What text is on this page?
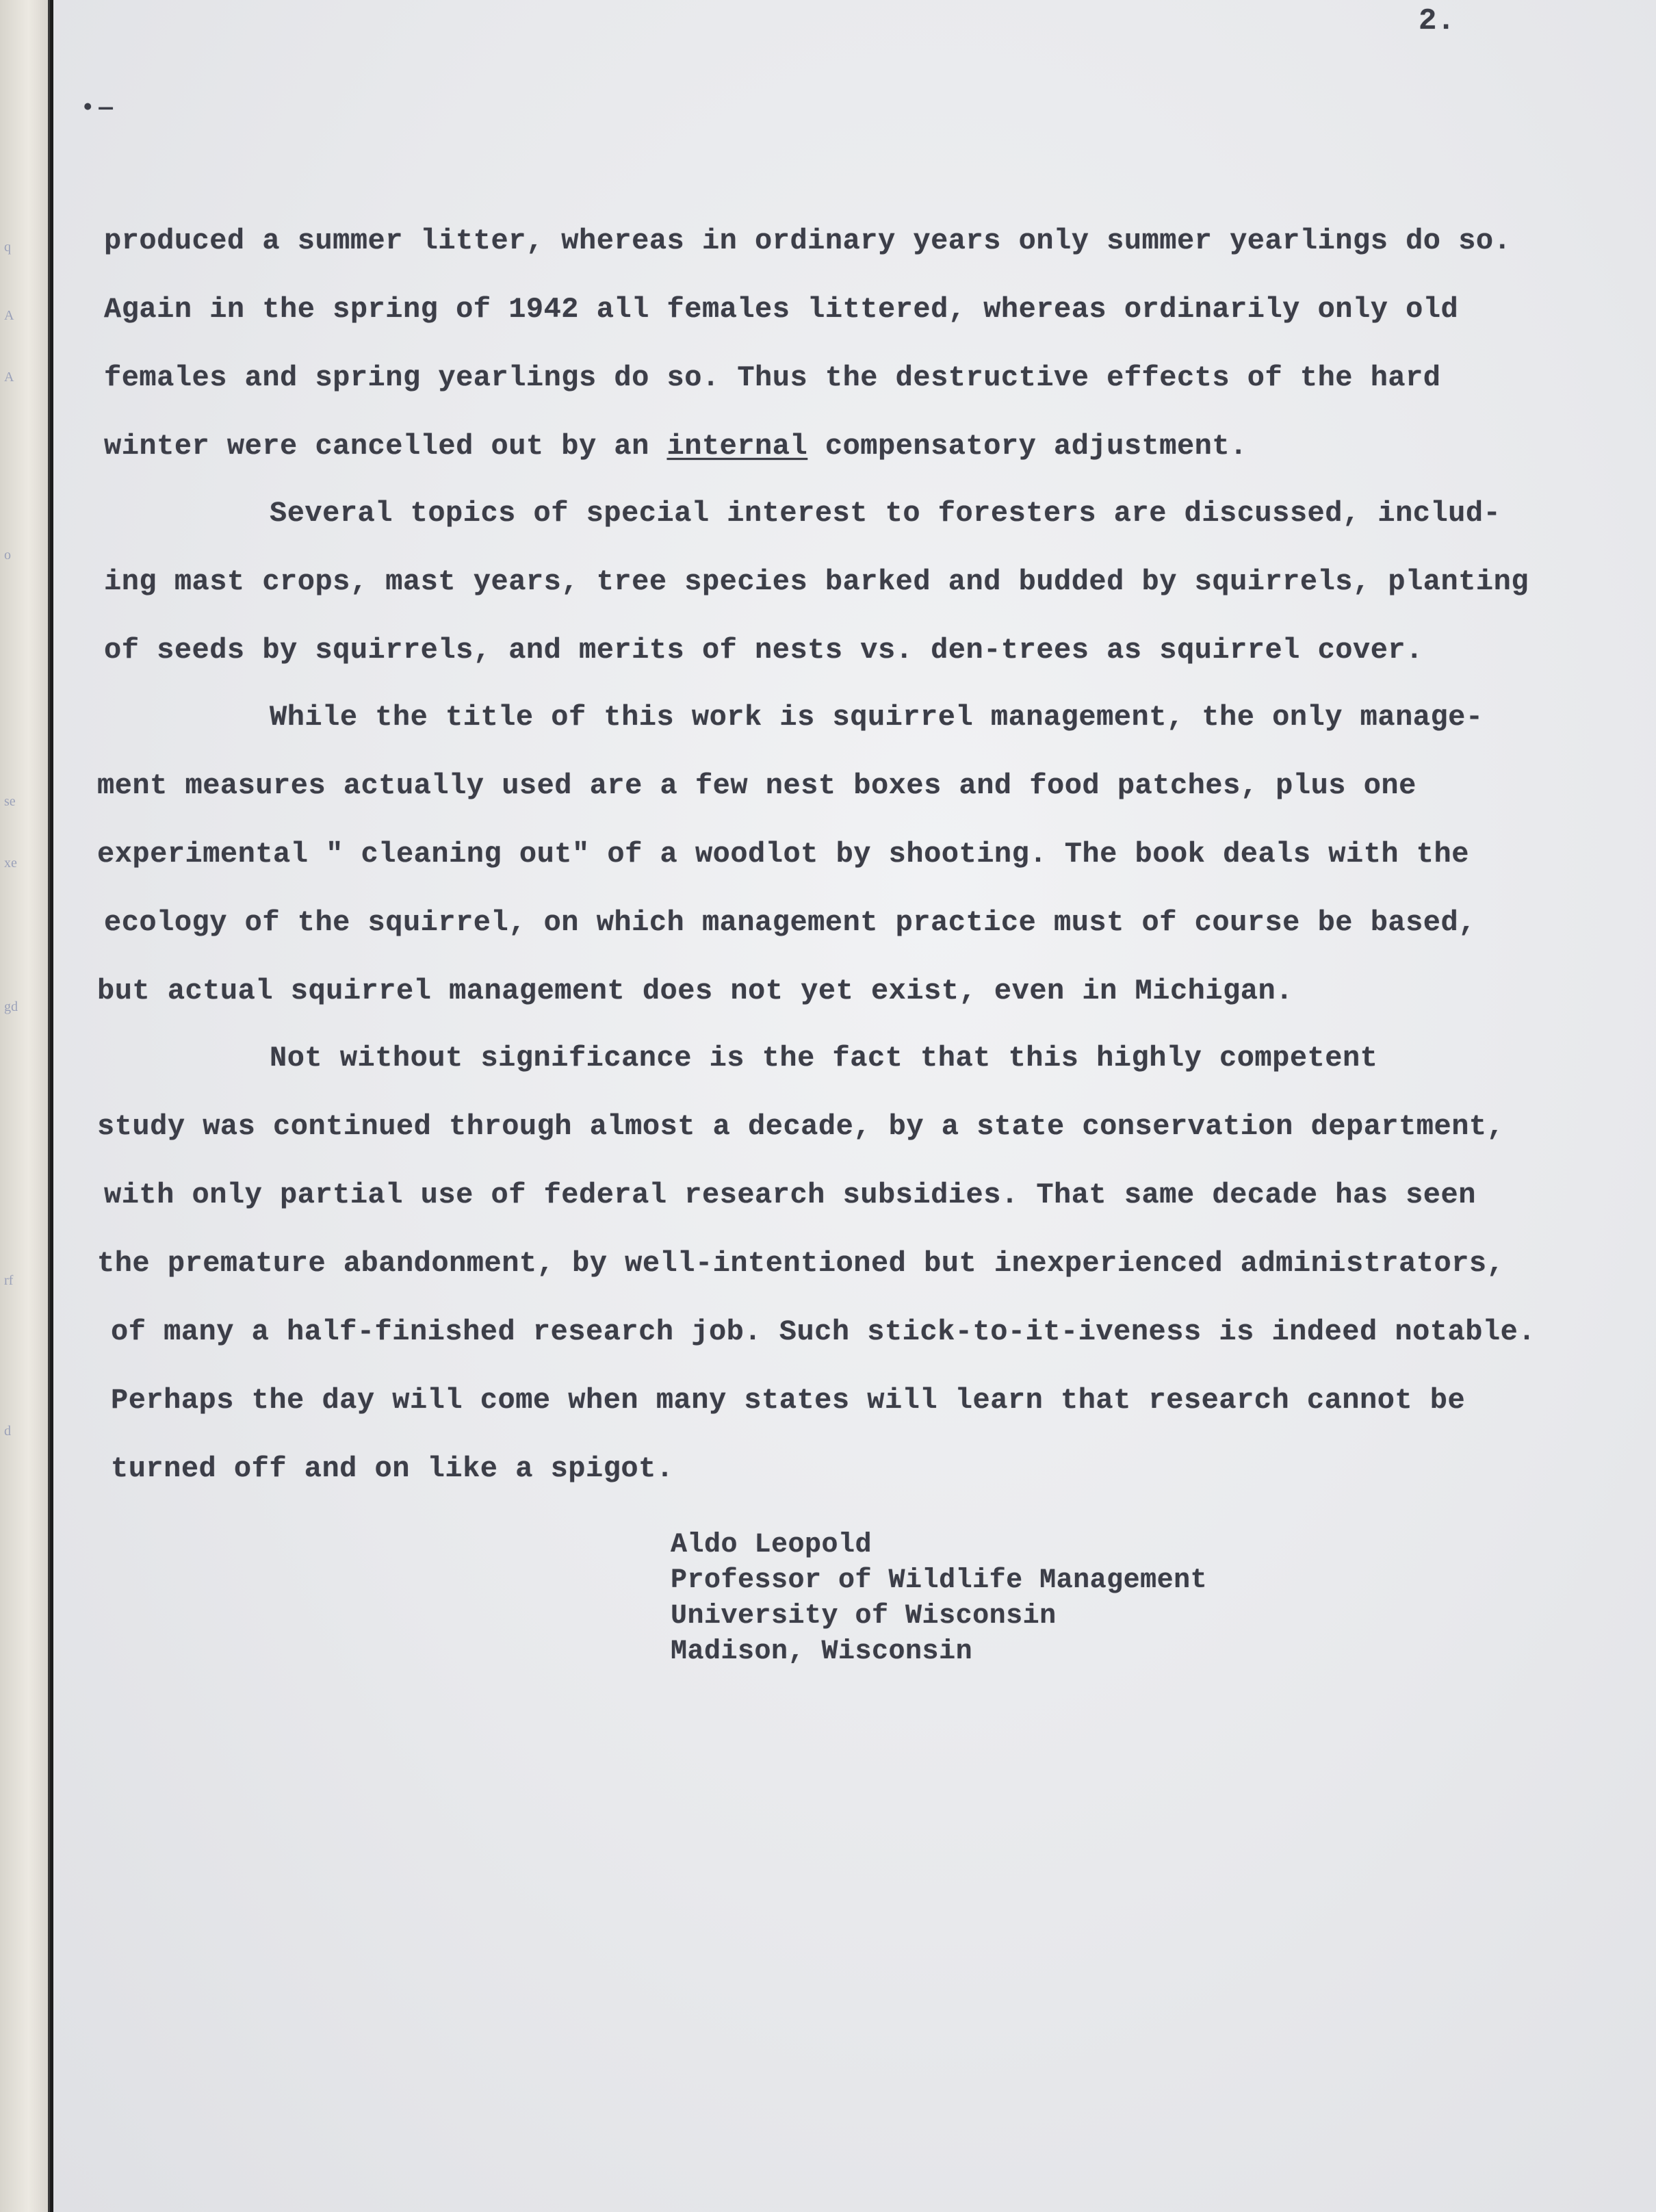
q
A
A
o
se
xe
gd
rf
d
2.
•—
produced a summer litter, whereas in ordinary years only summer yearlings do so.
Again in the spring of 1942 all females littered, whereas ordinarily only old
females and spring yearlings do so. Thus the destructive effects of the hard
winter were cancelled out by an internal compensatory adjustment.
Several topics of special interest to foresters are discussed, includ-
ing mast crops, mast years, tree species barked and budded by squirrels, planting
of seeds by squirrels, and merits of nests vs. den-trees as squirrel cover.
While the title of this work is squirrel management, the only manage-
ment measures actually used are a few nest boxes and food patches, plus one
experimental " cleaning out" of a woodlot by shooting. The book deals with the
ecology of the squirrel, on which management practice must of course be based,
but actual squirrel management does not yet exist, even in Michigan.
Not without significance is the fact that this highly competent
study was continued through almost a decade, by a state conservation department,
with only partial use of federal research subsidies. That same decade has seen
the premature abandonment, by well-intentioned but inexperienced administrators,
of many a half-finished research job. Such stick-to-it-iveness is indeed notable.
Perhaps the day will come when many states will learn that research cannot be
turned off and on like a spigot.
Aldo Leopold
Professor of Wildlife Management
University of Wisconsin
Madison, Wisconsin
